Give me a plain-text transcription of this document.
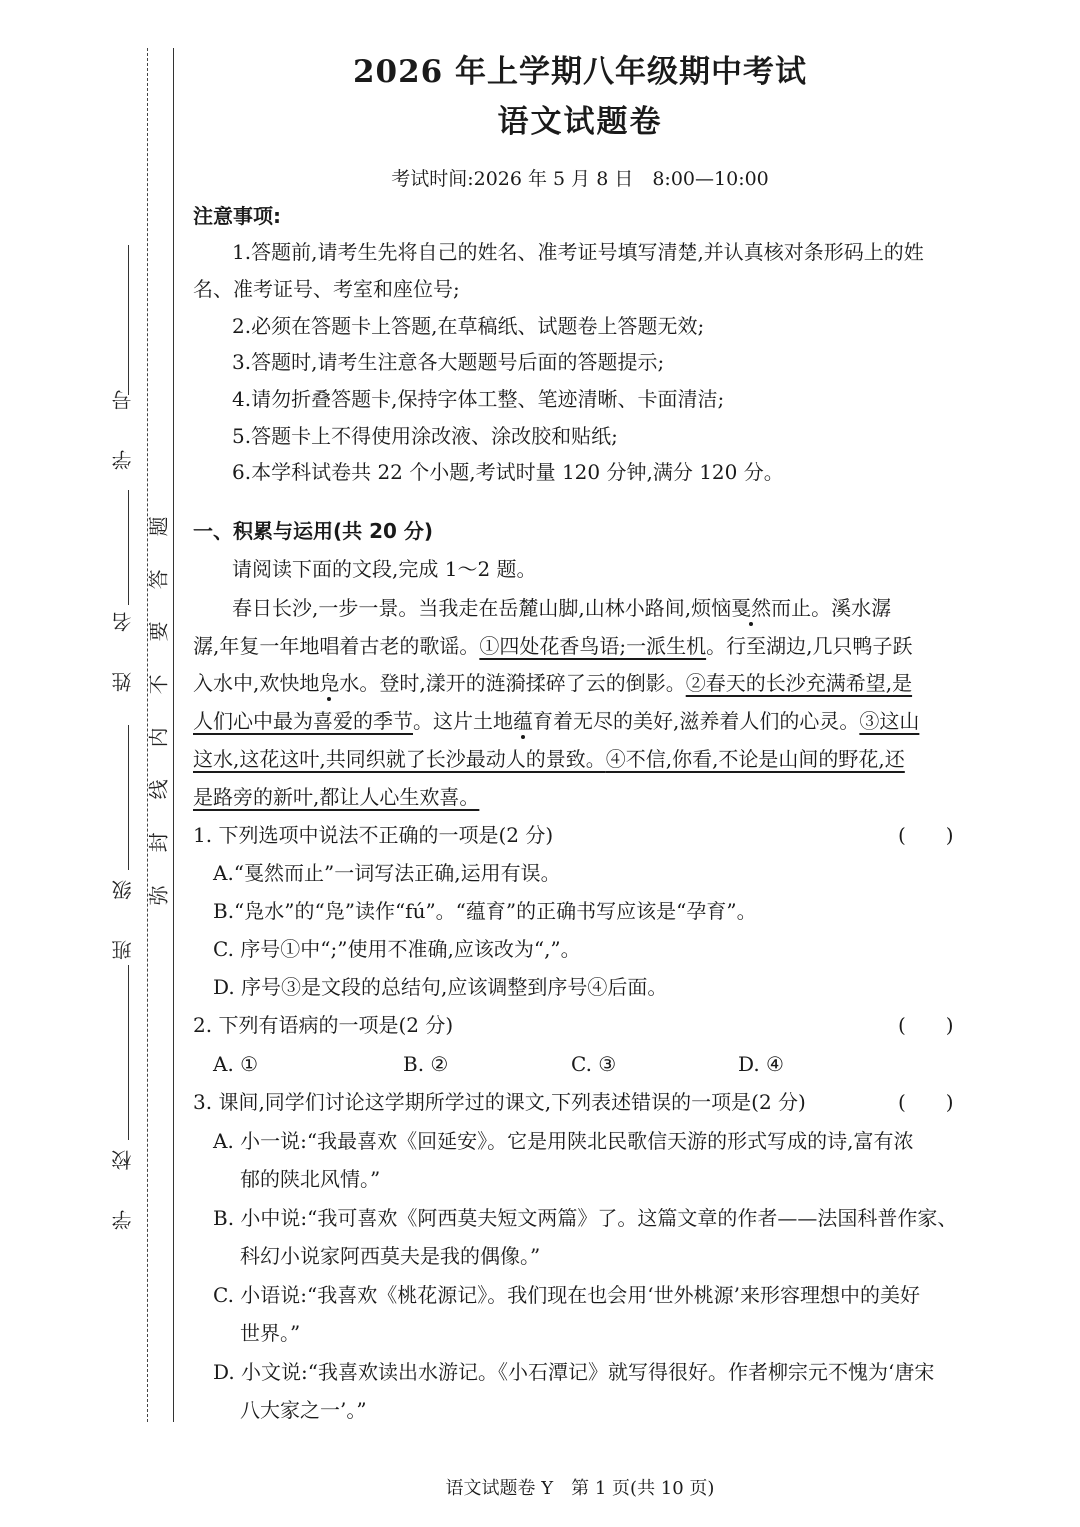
学　号
姓　名
班　级
学　校
题
答
要
不
内
线
封
弥
2026 年上学期八年级期中考试
语文试题卷
考试时间:2026 年 5 月 8 日　8:00—10:00
注意事项:
1.答题前,请考生先将自己的姓名、准考证号填写清楚,并认真核对条形码上的姓
名、准考证号、考室和座位号;
2.必须在答题卡上答题,在草稿纸、试题卷上答题无效;
3.答题时,请考生注意各大题题号后面的答题提示;
4.请勿折叠答题卡,保持字体工整、笔迹清晰、卡面清洁;
5.答题卡上不得使用涂改液、涂改胶和贴纸;
6.本学科试卷共 22 个小题,考试时量 120 分钟,满分 120 分。
一、积累与运用(共 20 分)
请阅读下面的文段,完成 1～2 题。
春日长沙,一步一景。当我走在岳麓山脚,山林小路间,烦恼戛然而止。溪水潺
潺,年复一年地唱着古老的歌谣。①四处花香鸟语;一派生机。行至湖边,几只鸭子跃
入水中,欢快地凫水。登时,漾开的涟漪揉碎了云的倒影。②春天的长沙充满希望,是
人们心中最为喜爱的季节。这片土地蕴育着无尽的美好,滋养着人们的心灵。③这山
这水,这花这叶,共同织就了长沙最动人的景致。④不信,你看,不论是山间的野花,还
是路旁的新叶,都让人心生欢喜。
1. 下列选项中说法不正确的一项是(2 分)	(　　)
A.“戛然而止”一词写法正确,运用有误。
B.“凫水”的“凫”读作“fú”。“蕴育”的正确书写应该是“孕育”。
C. 序号①中“;”使用不准确,应该改为“,”。
D. 序号③是文段的总结句,应该调整到序号④后面。
2. 下列有语病的一项是(2 分)	(　　)
A. ①	B. ②	C. ③	D. ④
3. 课间,同学们讨论这学期所学过的课文,下列表述错误的一项是(2 分)	(　　)
A. 小一说:“我最喜欢《回延安》。它是用陕北民歌信天游的形式写成的诗,富有浓
郁的陕北风情。”
B. 小中说:“我可喜欢《阿西莫夫短文两篇》了。这篇文章的作者——法国科普作家、
科幻小说家阿西莫夫是我的偶像。”
C. 小语说:“我喜欢《桃花源记》。我们现在也会用‘世外桃源’来形容理想中的美好
世界。”
D. 小文说:“我喜欢读出水游记。《小石潭记》就写得很好。作者柳宗元不愧为‘唐宋
八大家之一’。”
语文试题卷 Y　第 1 页(共 10 页)
